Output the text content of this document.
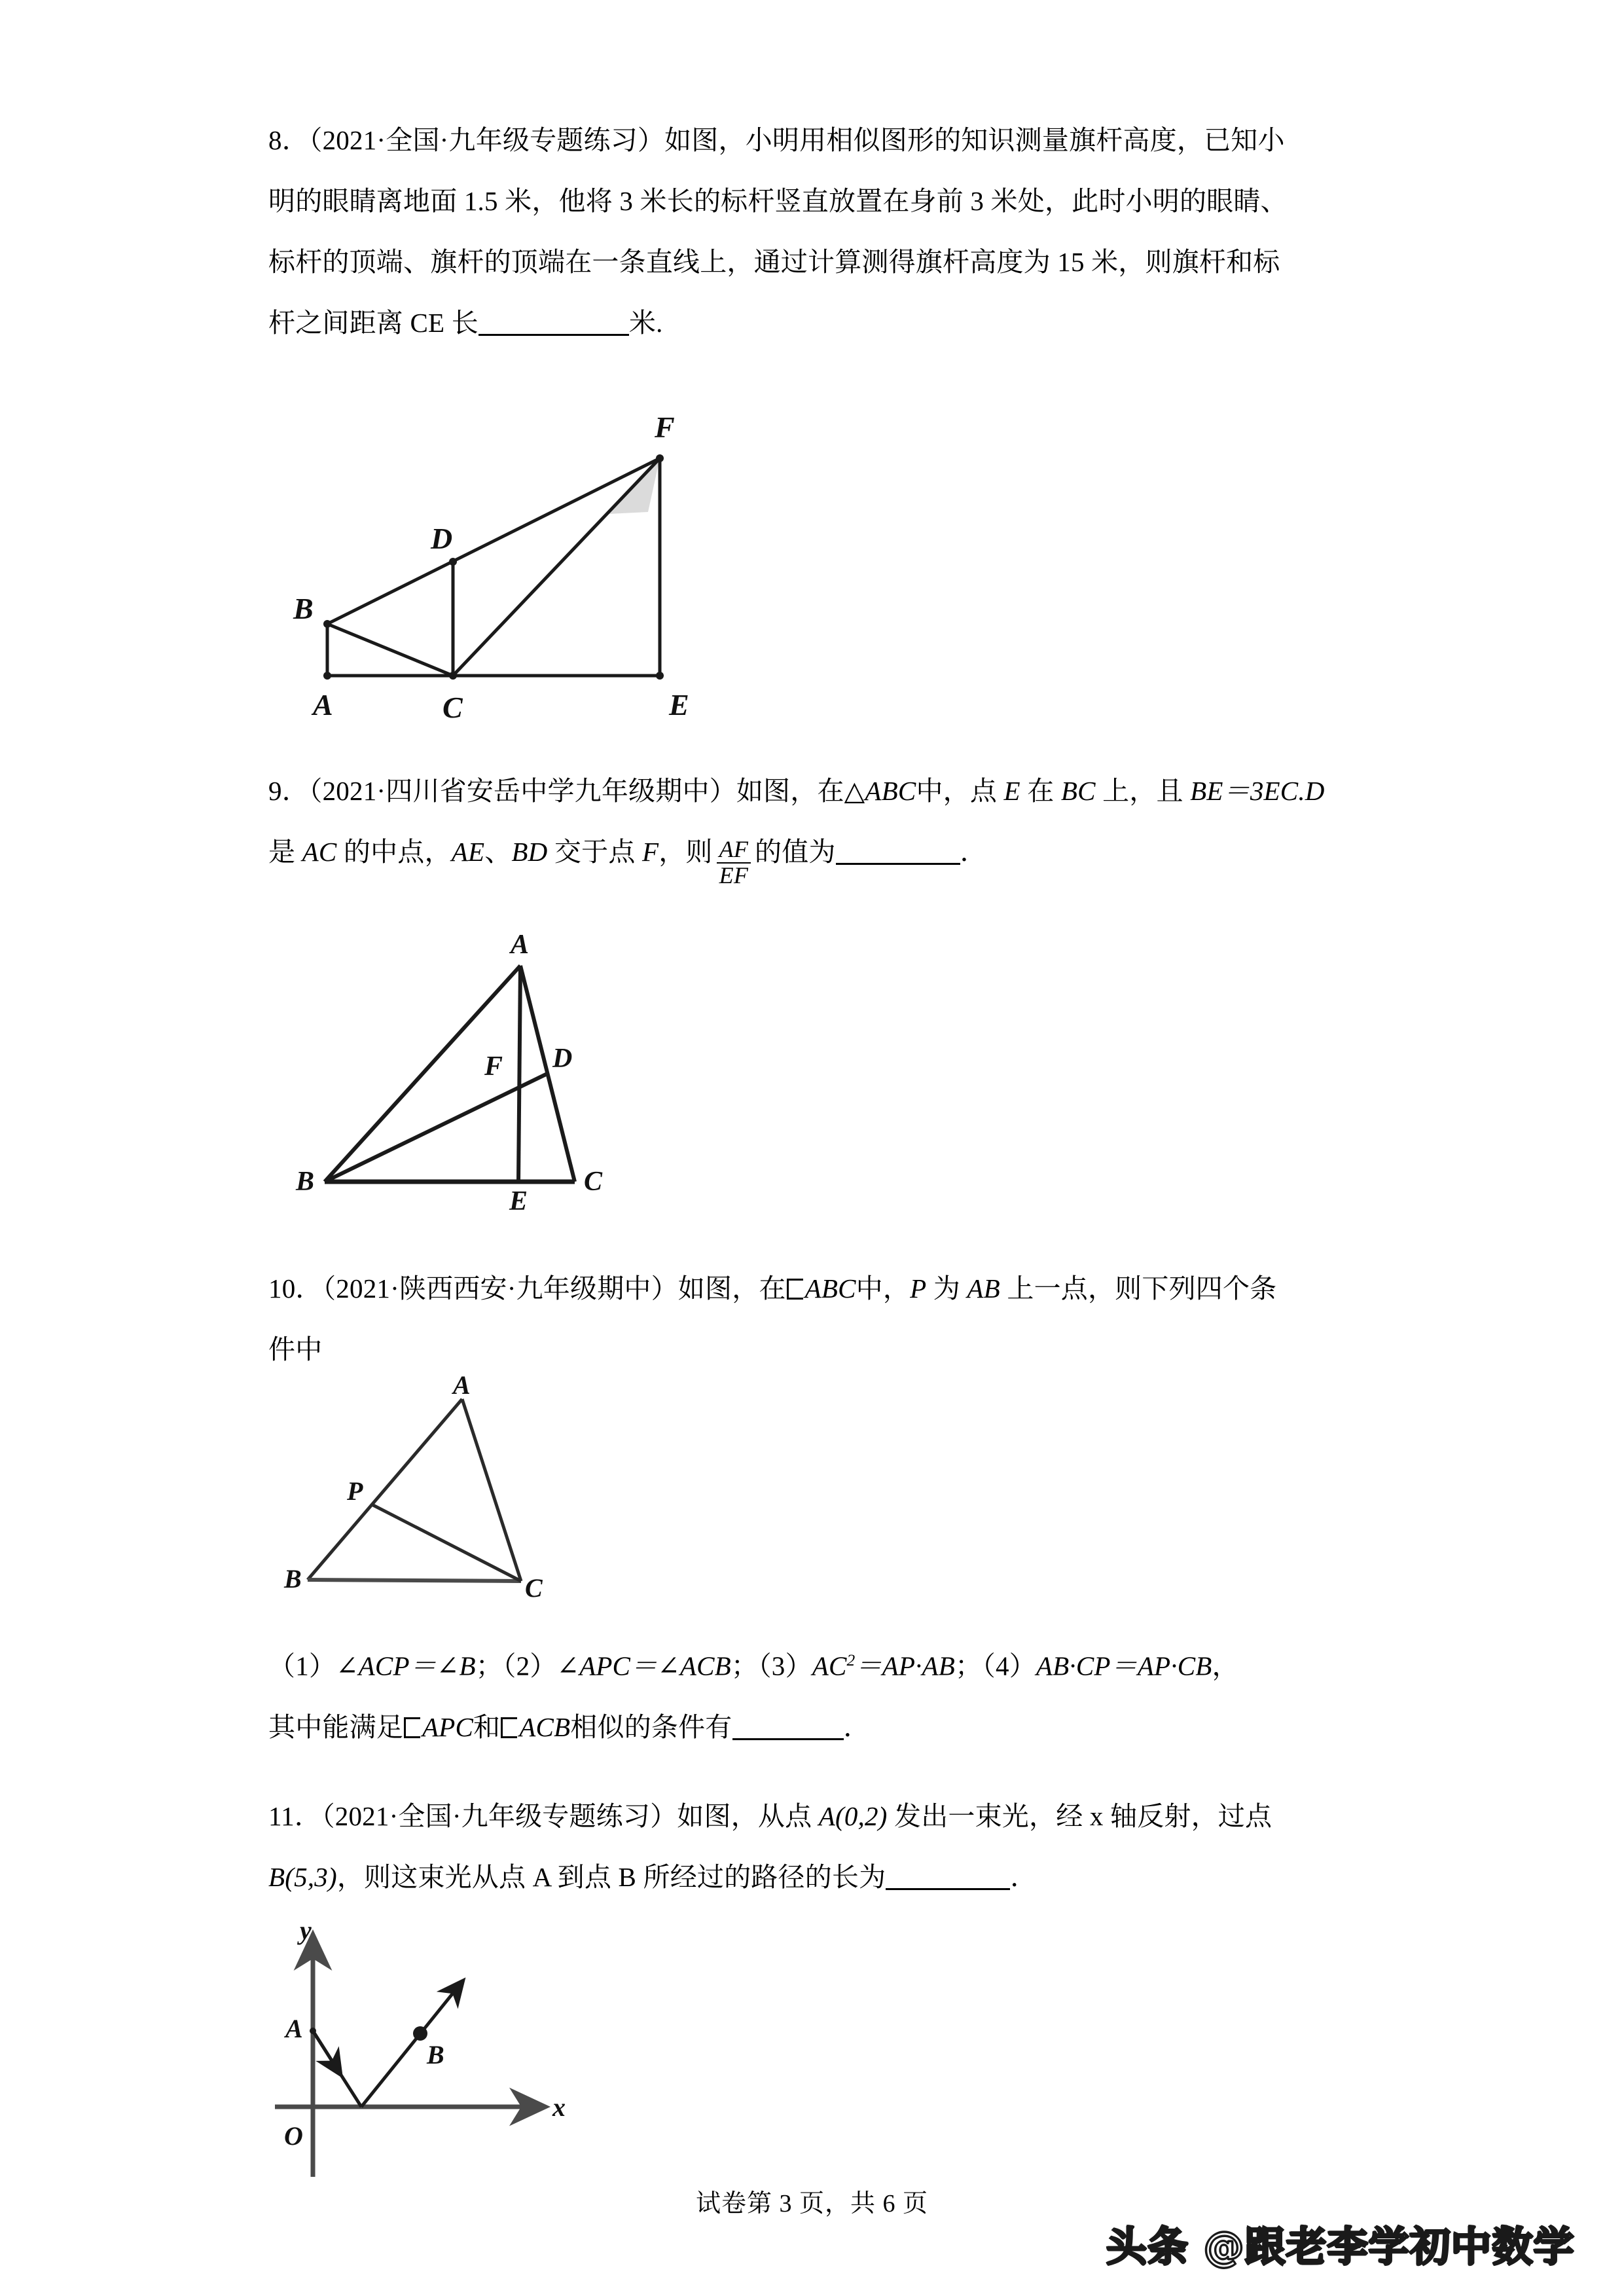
8．（2021·全国·九年级专题练习）如图，小明用相似图形的知识测量旗杆高度，已知小
明的眼睛离地面 1.5 米，他将 3 米长的标杆竖直放置在身前 3 米处，此时小明的眼睛、
标杆的顶端、旗杆的顶端在一条直线上，通过计算测得旗杆高度为 15 米，则旗杆和标
杆之间距离 CE 长	米.
A
B
C
D
E
F
9．（2021·四川省安岳中学九年级期中）如图，在△ABC中，点 E 在 BC 上，且 BE＝3EC.D
是 AC 的中点，AE、BD 交于点 F，则 $\frac{AF}{EF}$ 的值为	．
A
B	C
D
E
F
10．（2021·陕西西安·九年级期中）如图，在 ABC中，P 为 AB 上一点，则下列四个条
件中
A
B	C
P
（1）∠ACP＝∠B；（2）∠APC＝∠ACB；$(3)AC^2=AP\cdot AB$；（4）AB·CP＝AP·CB，
其中能满足 APC和 ACB相似的条件有	．
11．（2021·全国·九年级专题练习）如图，从点 A(0,2) 发出一束光，经 x 轴反射，过点
B(5,3)，则这束光从点 A 到点 B 所经过的路径的长为	．
A
B
O
x
y
试卷第 3 页，共 6 页
头条 @跟老李学初中数学
